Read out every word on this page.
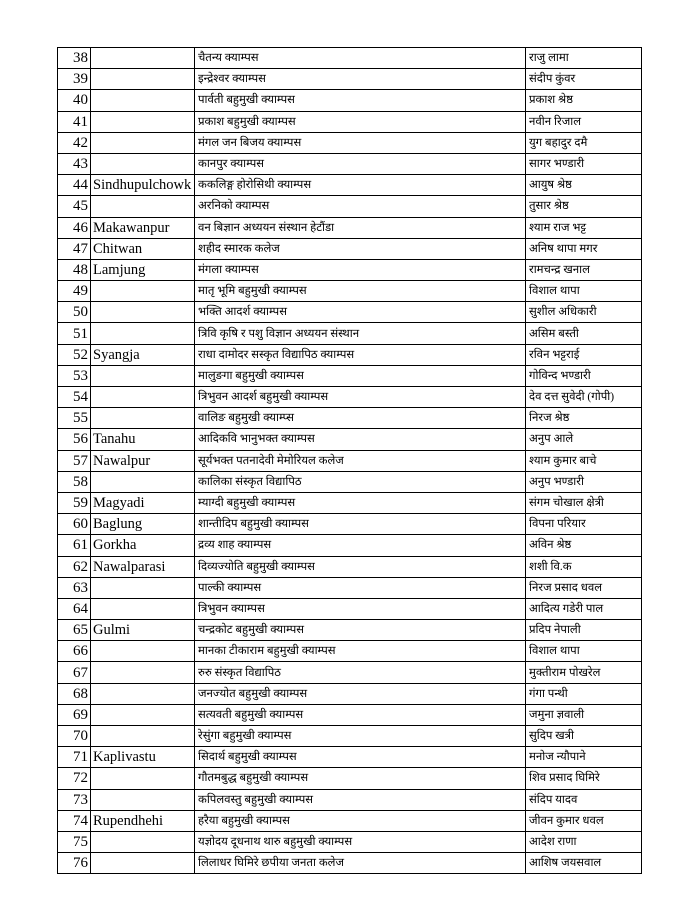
38		चैतन्य क्याम्पस	राजु लामा
39		इन्द्रेश्वर क्याम्पस	संदीप कुंवर
40		पार्वती बहुमुखी क्याम्पस	प्रकाश श्रेष्ठ
41		प्रकाश बहुमुखी क्याम्पस	नवीन रिजाल
42		मंगल जन बिजय क्याम्पस	युग बहादुर दमै
43		कानपुर क्याम्पस	सागर भण्डारी
44	Sindhupulchowk	ककलिङ्ग होरोसिथी क्याम्पस	आयुष श्रेष्ठ
45		अरनिको क्याम्पस	तुसार श्रेष्ठ
46	Makawanpur	वन बिज्ञान अध्ययन संस्थान हेटौंडा	श्याम राज भट्ट
47	Chitwan	शहीद स्मारक कलेज	अनिष थापा मगर
48	Lamjung	मंगला क्याम्पस	रामचन्द्र खनाल
49		मातृ भूमि बहुमुखी क्याम्पस	विशाल थापा
50		भक्ति आदर्श क्याम्पस	सुशील अधिकारी
51		त्रिवि कृषि र पशु विज्ञान अध्ययन संस्थान	असिम बस्ती
52	Syangja	राधा दामोदर सस्कृत विद्यापिठ क्याम्पस	रविन भट्टराई
53		मालुङगा बहुमुखी क्याम्पस	गोविन्द भण्डारी
54		त्रिभुवन आदर्श बहुमुखी क्याम्पस	देव दत्त सुवेदी (गोपी)
55		वालिङ बहुमुखी क्याम्प्स	निरज श्रेष्ठ
56	Tanahu	आदिकवि भानुभक्त क्याम्पस	अनुप आले
57	Nawalpur	सूर्यभक्त पतनादेवी मेमोरियल कलेज	श्याम कुमार बाचे
58		कालिका संस्कृत विद्यापिठ	अनुप भण्डारी
59	Magyadi	म्याग्दी बहुमुखी क्याम्पस	संगम चोखाल क्षेत्री
60	Baglung	शान्तीदिप बहुमुखी क्याम्पस	विपना परियार
61	Gorkha	द्रव्य शाह क्याम्पस	अविन श्रेष्ठ
62	Nawalparasi	दिव्यज्योति बहुमुखी क्याम्पस	शशी वि.क
63		पाल्की क्याम्पस	निरज प्रसाद धवल
64		त्रिभुवन क्याम्पस	आदित्य गडेरी पाल
65	Gulmi	चन्द्रकोट बहुमुखी क्याम्पस	प्रदिप नेपाली
66		मानका टीकाराम बहुमुखी क्याम्पस	विशाल थापा
67		रुरु संस्कृत विद्यापिठ	मुक्तीराम पोखरेल
68		जनज्योत बहुमुखी क्याम्पस	गंगा पन्थी
69		सत्यवती बहुमुखी क्याम्पस	जमुना ज्ञवाली
70		रेसुंगा बहुमुखी क्याम्पस	सुदिप खत्री
71	Kaplivastu	सिदार्थ बहुमुखी क्याम्पस	मनोज न्यौपाने
72		गौतमबुद्ध बहुमुखी क्याम्पस	शिव प्रसाद घिमिरे
73		कपिलवस्तु बहुमुखी क्याम्पस	संदिप यादव
74	Rupendhehi	हरैया बहुमुखी क्याम्पस	जीवन कुमार धवल
75		यज्ञोदय दूधनाथ थारु बहुमुखी क्याम्पस	आदेश राणा
76		लिलाधर घिमिरे छपीया जनता कलेज	आशिष जयसवाल
